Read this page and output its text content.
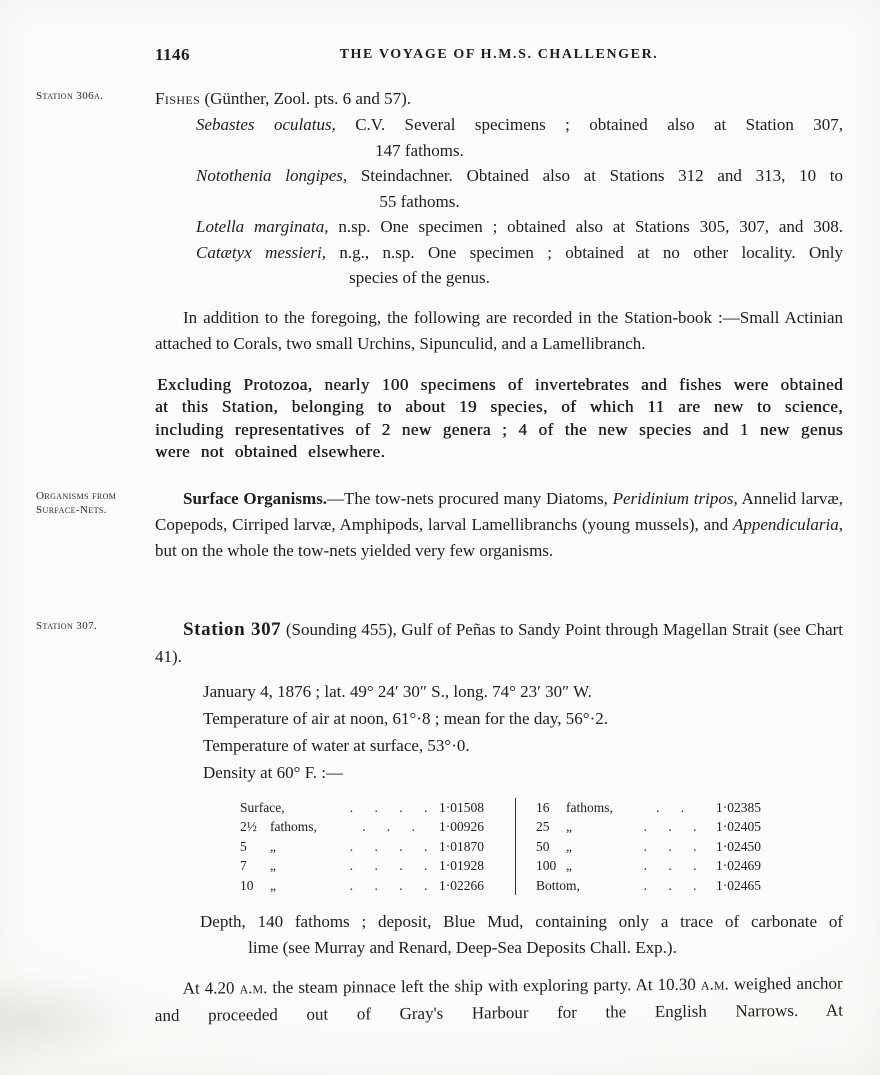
1146	THE VOYAGE OF H.M.S. CHALLENGER.
Station 306a.	Fishes (Günther, Zool. pts. 6 and 57).
Sebastes oculatus, C.V. Several specimens ; obtained also at Station 307,
147 fathoms.
Notothenia longipes, Steindachner. Obtained also at Stations 312 and 313, 10 to
55 fathoms.
Lotella marginata, n.sp. One specimen ; obtained also at Stations 305, 307, and 308.
Catætyx messieri, n.g., n.sp. One specimen ; obtained at no other locality. Only
species of the genus.

In addition to the foregoing, the following are recorded in the Station-book :—Small Actinian attached to Corals, two small Urchins, Sipunculid, and a Lamellibranch.

Excluding Protozoa, nearly 100 specimens of invertebrates and fishes were obtained at this Station, belonging to about 19 species, of which 11 are new to science, including representatives of 2 new genera ; 4 of the new species and 1 new genus were not obtained elsewhere.

Organisms from
Surface-Nets.

Surface Organisms.—The tow-nets procured many Diatoms, Peridinium tripos, Annelid larvæ, Copepods, Cirriped larvæ, Amphipods, larval Lamellibranchs (young mussels), and Appendicularia, but on the whole the tow-nets yielded very few organisms.

Station 307.	Station 307 (Sounding 455), Gulf of Peñas to Sandy Point through Magellan Strait (see Chart 41).

January 4, 1876 ; lat. 49° 24′ 30″ S., long. 74° 23′ 30″ W.
Temperature of air at noon, 61°·8 ; mean for the day, 56°·2.
Temperature of water at surface, 53°·0.
Density at 60° F. :—
Surface,	. . . . 1·01508
2½ fathoms,	. . .	1·00926
5 „	. . . . 1·01870
7 „	. . . . 1·01928
10 „	. . . . 1·02266
16 fathoms,	. .	1·02385
25 „	. . .	1·02405
50 „	. . .	1·02450
100 „	. . .	1·02469
Bottom,	. . .	1·02465
Depth, 140 fathoms ; deposit, Blue Mud, containing only a trace of carbonate of
lime (see Murray and Renard, Deep-Sea Deposits Chall. Exp.).

At 4.20 a.m. the steam pinnace left the ship with exploring party. At 10.30 a.m. weighed anchor and proceeded out of Gray's Harbour for the English Narrows. At
